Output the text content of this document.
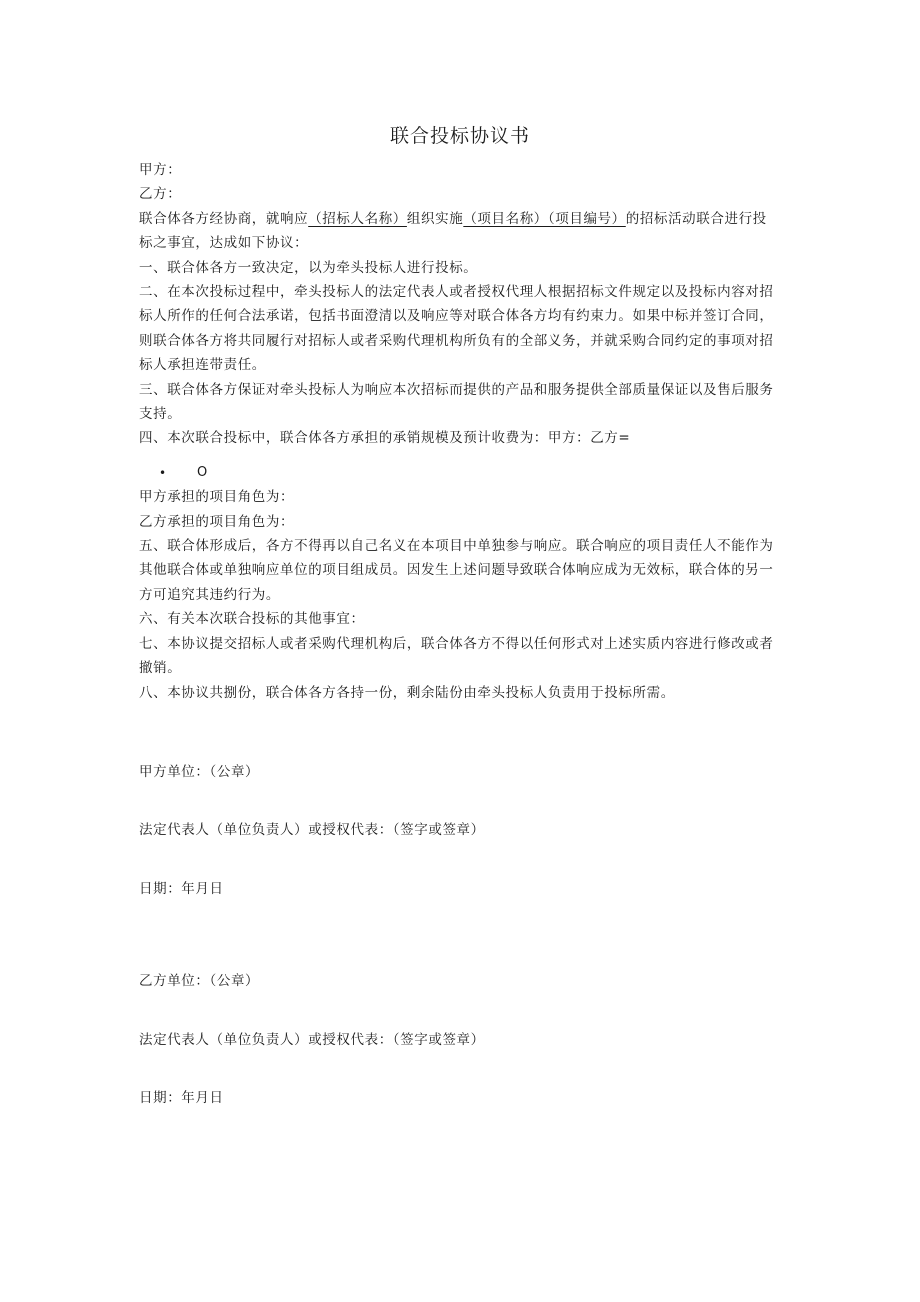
联合投标协议书

甲方：

乙方：

联合体各方经协商，就响应（招标人名称）组织实施（项目名称）（项目编号）的招标活动联合进行投标之事宜，达成如下协议：

一、联合体各方一致决定，以为牵头投标人进行投标。

二、在本次投标过程中，牵头投标人的法定代表人或者授权代理人根据招标文件规定以及投标内容对招标人所作的任何合法承诺，包括书面澄清以及响应等对联合体各方均有约束力。如果中标并签订合同，则联合体各方将共同履行对招标人或者采购代理机构所负有的全部义务，并就采购合同约定的事项对招标人承担连带责任。

三、联合体各方保证对牵头投标人为响应本次招标而提供的产品和服务提供全部质量保证以及售后服务支持。

四、本次联合投标中，联合体各方承担的承销规模及预计收费为：甲方：乙方=

• O

甲方承担的项目角色为：

乙方承担的项目角色为：

五、联合体形成后，各方不得再以自己名义在本项目中单独参与响应。联合响应的项目责任人不能作为其他联合体或单独响应单位的项目组成员。因发生上述问题导致联合体响应成为无效标，联合体的另一方可追究其违约行为。

六、有关本次联合投标的其他事宜：

七、本协议提交招标人或者采购代理机构后，联合体各方不得以任何形式对上述实质内容进行修改或者撤销。

八、本协议共捌份，联合体各方各持一份，剩余陆份由牵头投标人负责用于投标所需。

甲方单位：（公章）
法定代表人（单位负责人）或授权代表：（签字或签章）
日期：年月日
乙方单位：（公章）
法定代表人（单位负责人）或授权代表：（签字或签章）
日期：年月日
